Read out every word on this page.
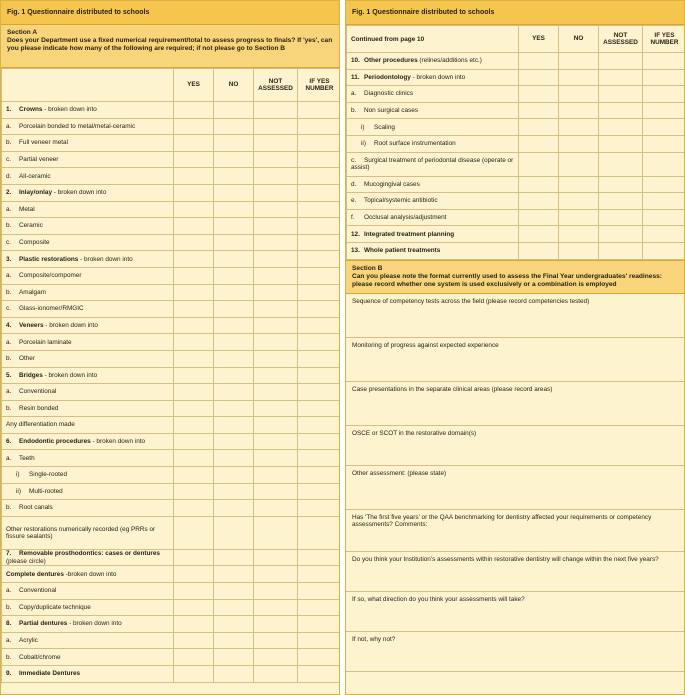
Fig. 1 Questionnaire distributed to schools
Section A
Does your Department use a fixed numerical requirement/total to assess progress to finals? If 'yes', can you please indicate how many of the following are required; if not please go to Section B
	YES	NO	NOT ASSESSED	IF YES NUMBER
1. Crowns - broken down into				
a. Porcelain bonded to metal/metal-ceramic				
b. Full veneer metal				
c. Partial veneer				
d. All-ceramic				
2. Inlay/onlay - broken down into				
a. Metal				
b. Ceramic				
c. Composite				
3. Plastic restorations - broken down into				
a. Composite/compomer				
b. Amalgam				
c. Glass-ionomer/RMGIC				
4. Veneers - broken down into				
a. Porcelain laminate				
b. Other				
5. Bridges - broken down into				
a. Conventional				
b. Resin bonded				
Any differentiation made				
6. Endodontic procedures - broken down into				
a. Teeth				
i) Single-rooted				
ii) Multi-rooted				
b. Root canals				
Other restorations numerically recorded (eg PRRs or fissure sealants)				
7. Removable prosthodontics: cases or dentures (please circle)				
Complete dentures -broken down into				
a. Conventional				
b. Copy/duplicate technique				
8. Partial dentures - broken down into				
a. Acrylic				
b. Cobalt/chrome				
9. Immediate Dentures				
Fig. 1 Questionnaire distributed to schools
Continued from page 10	YES	NO	NOT ASSESSED	IF YES NUMBER
10. Other procedures (relines/additions etc.)				
11. Periodontology - broken down into				
a. Diagnostic clinics				
b. Non surgical cases				
i) Scaling				
ii) Root surface instrumentation				
c. Surgical treatment of periodontal disease (operate or assist)				
d. Mucogingival cases				
e. Topical/systemic antibiotic				
f. Occlusal analysis/adjustment				
12. Integrated treatment planning				
13. Whole patient treatments				
Section B
Can you please note the format currently used to assess the Final Year undergraduates' readiness: please record whether one system is used exclusively or a combination is employed
Sequence of competency tests across the field (please record competencies tested)
Monitoring of progress against expected experience
Case presentations in the separate clinical areas (please record areas)
OSCE or SCOT in the restorative domain(s)
Other assessment: (please state)
Has 'The first five years' or the QAA benchmarking for dentistry affected your requirements or competency assessments? Comments:
Do you think your Institution's assessments within restorative dentistry will change within the next five years?
If so, what direction do you think your assessments will take?
If not, why not?
